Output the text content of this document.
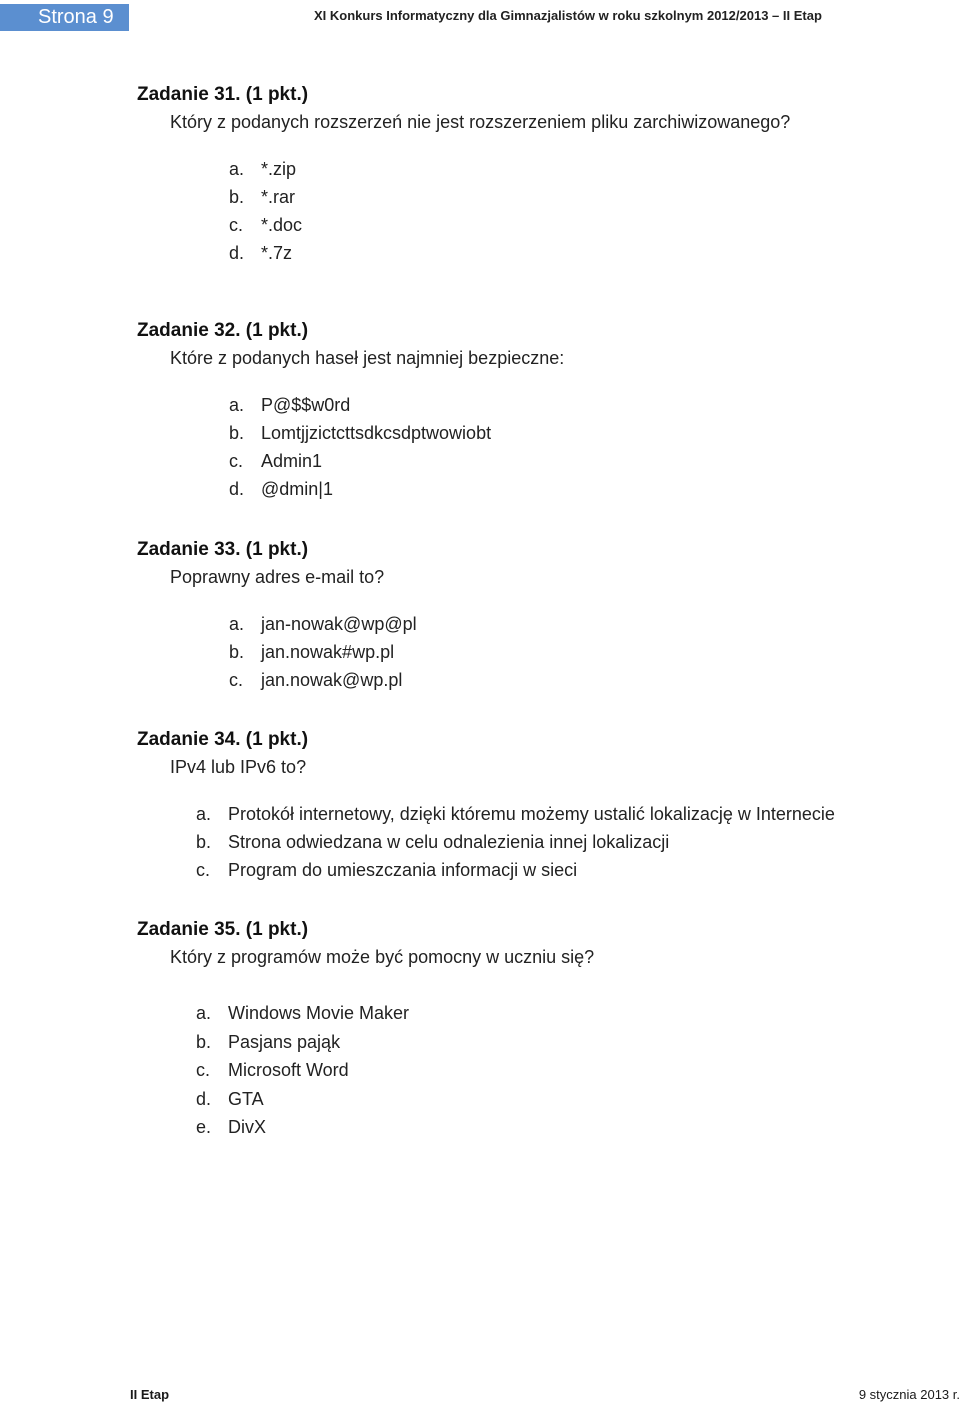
Strona 9	XI Konkurs Informatyczny dla Gimnazjalistów w roku szkolnym 2012/2013 – II Etap
Zadanie 31. (1 pkt.)
Który z podanych rozszerzeń nie jest rozszerzeniem pliku zarchiwizowanego?
a. *.zip
b. *.rar
c. *.doc
d. *.7z
Zadanie 32. (1 pkt.)
Które z podanych haseł jest najmniej bezpieczne:
a. P@$$w0rd
b. Lomtjjzictcttsdkcsdptwowiobt
c. Admin1
d. @dmin|1
Zadanie 33. (1 pkt.)
Poprawny adres e-mail to?
a. jan-nowak@wp@pl
b. jan.nowak#wp.pl
c. jan.nowak@wp.pl
Zadanie 34. (1 pkt.)
IPv4 lub IPv6 to?
a. Protokół internetowy, dzięki któremu możemy ustalić lokalizację w Internecie
b. Strona odwiedzana w celu odnalezienia innej lokalizacji
c. Program do umieszczania informacji w sieci
Zadanie 35. (1 pkt.)
Który z programów może być pomocny w uczniu się?
a. Windows Movie Maker
b. Pasjans pająk
c. Microsoft Word
d. GTA
e. DivX
II Etap	9 stycznia 2013 r.
